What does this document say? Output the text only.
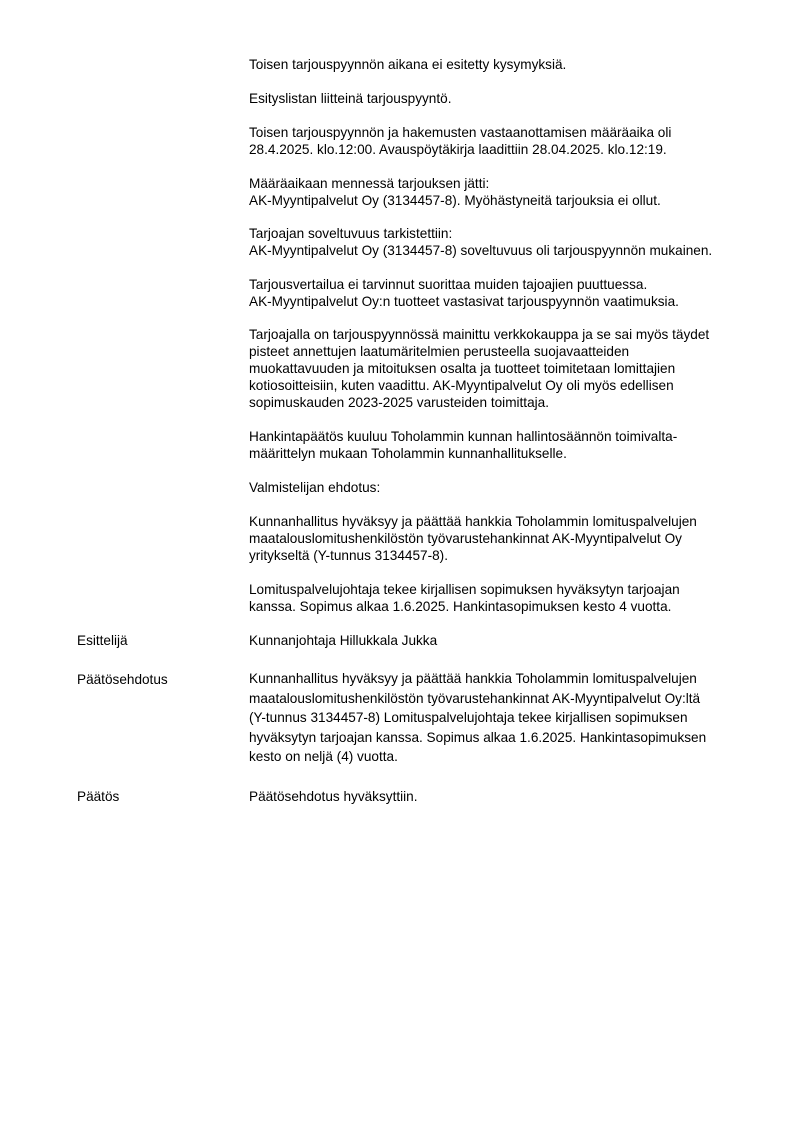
Toisen tarjouspyynnön aikana ei esitetty kysymyksiä.
Esityslistan liitteinä tarjouspyyntö.
Toisen tarjouspyynnön ja hakemusten vastaanottamisen määräaika oli
28.4.2025. klo.12:00. Avauspöytäkirja laadittiin 28.04.2025. klo.12:19.
Määräaikaan mennessä tarjouksen jätti:
AK-Myyntipalvelut Oy (3134457-8). Myöhästyneitä tarjouksia ei ollut.
Tarjoajan soveltuvuus tarkistettiin:
AK-Myyntipalvelut Oy (3134457-8) soveltuvuus oli tarjouspyynnön mukainen.
Tarjousvertailua ei tarvinnut suorittaa muiden tajoajien puuttuessa.
AK-Myyntipalvelut Oy:n tuotteet vastasivat tarjouspyynnön vaatimuksia.
Tarjoajalla on tarjouspyynnössä mainittu verkkokauppa ja se sai myös täydet
pisteet annettujen laatumäritelmien perusteella suojavaatteiden
muokattavuuden ja mitoituksen osalta ja tuotteet toimitetaan lomittajien
kotiosoitteisiin, kuten vaadittu. AK-Myyntipalvelut Oy oli myös edellisen
sopimuskauden 2023-2025 varusteiden toimittaja.
Hankintapäätös kuuluu Toholammin kunnan hallintosäännön toimivalta-
määrittelyn mukaan Toholammin kunnanhallitukselle.
Valmistelijan ehdotus:
Kunnanhallitus hyväksyy ja päättää hankkia Toholammin lomituspalvelujen
maatalouslomitushenkilöstön työvarustehankinnat AK-Myyntipalvelut Oy
yritykseltä (Y-tunnus 3134457-8).
Lomituspalvelujohtaja tekee kirjallisen sopimuksen hyväksytyn tarjoajan
kanssa. Sopimus alkaa 1.6.2025. Hankintasopimuksen kesto 4 vuotta.
Esittelijä	Kunnanjohtaja Hillukkala Jukka
Päätösehdotus	Kunnanhallitus hyväksyy ja päättää hankkia Toholammin lomituspalvelujen
maatalouslomitushenkilöstön työvarustehankinnat AK-Myyntipalvelut Oy:ltä
(Y-tunnus 3134457-8) Lomituspalvelujohtaja tekee kirjallisen sopimuksen
hyväksytyn tarjoajan kanssa. Sopimus alkaa 1.6.2025. Hankintasopimuksen
kesto on neljä (4) vuotta.
Päätös	Päätösehdotus hyväksyttiin.
